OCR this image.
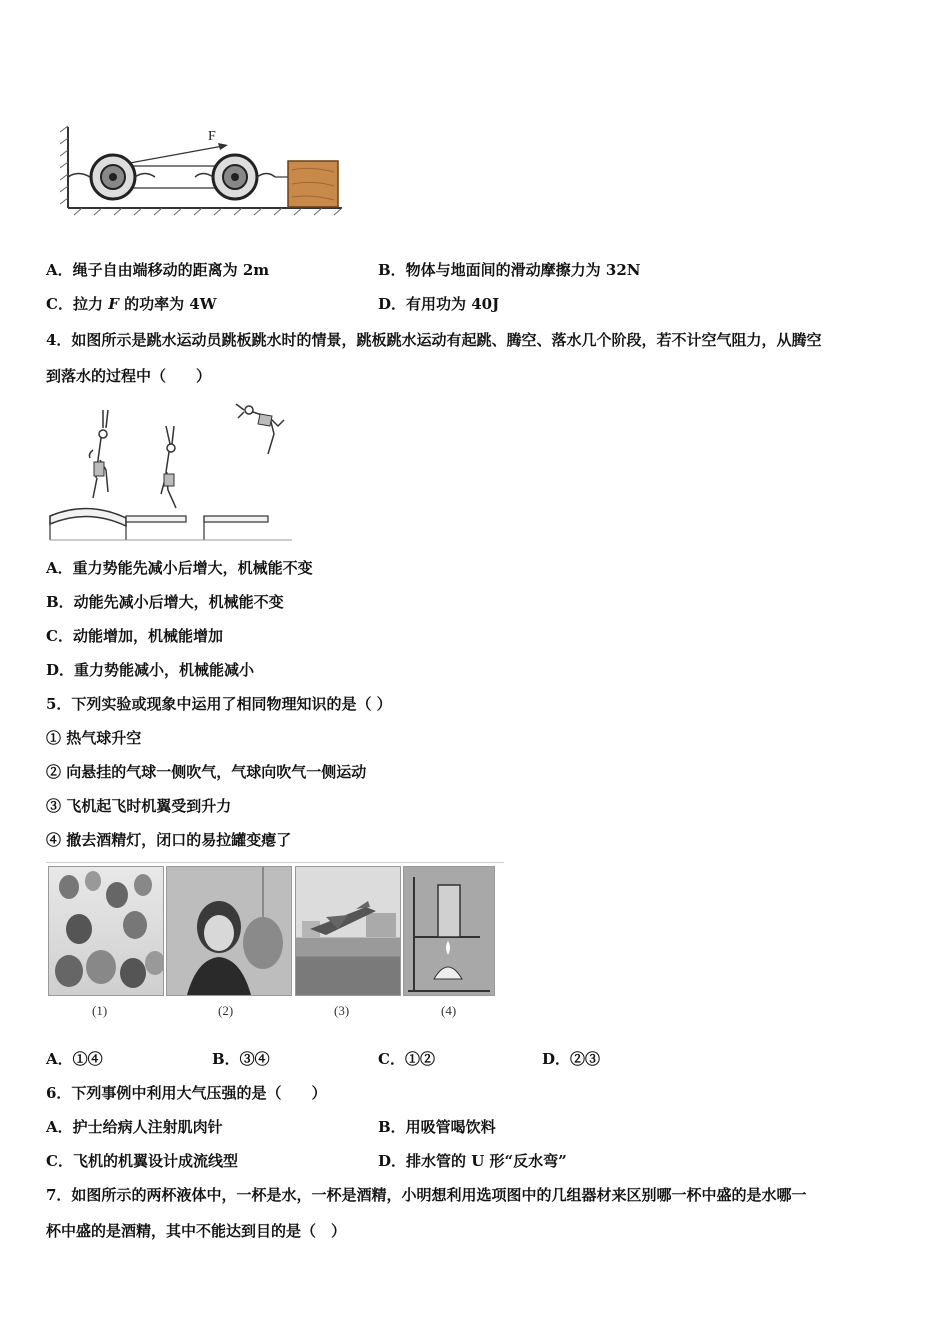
F
A．绳子自由端移动的距离为 2m	B．物体与地面间的滑动摩擦力为 32N
C．拉力 F 的功率为 4W	D．有用功为 40J
4．如图所示是跳水运动员跳板跳水时的情景，跳板跳水运动有起跳、腾空、落水几个阶段，若不计空气阻力，从腾空
到落水的过程中（　　）
A．重力势能先减小后增大，机械能不变
B．动能先减小后增大，机械能不变
C．动能增加，机械能增加
D．重力势能减小，机械能减小
5．下列实验或现象中运用了相同物理知识的是（ ）
① 热气球升空
② 向悬挂的气球一侧吹气，气球向吹气一侧运动
③ 飞机起飞时机翼受到升力
④ 撤去酒精灯，闭口的易拉罐变瘪了
(1)	(2)	(3)	(4)
A．①④	B．③④	C．①②	D．②③
6．下列事例中利用大气压强的是（　　）
A．护士给病人注射肌肉针	B．用吸管喝饮料
C．飞机的机翼设计成流线型	D．排水管的 U 形“反水弯”
7．如图所示的两杯液体中，一杯是水，一杯是酒精，小明想利用选项图中的几组器材来区别哪一杯中盛的是水哪一
杯中盛的是酒精，其中不能达到目的是（　）
